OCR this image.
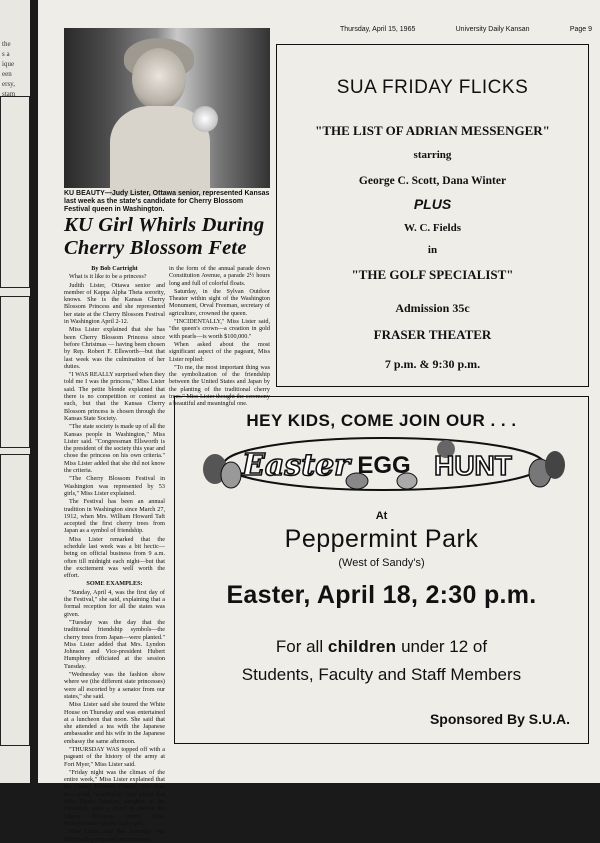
the
s a
ique
een
ersy,
stam
Thursday, April 15, 1965	University Daily Kansan	Page 9
KU BEAUTY—Judy Lister, Ottawa senior, represented Kansas last week as the state's candidate for Cherry Blossom Festival queen in Washington.
KU Girl Whirls During Cherry Blossom Fete

By Bob Cartright

What is it like to be a princess?

Judith Lister, Ottawa senior and member of Kappa Alpha Theta sorority, knows. She is the Kansas Cherry Blossom Princess and she represented her state at the Cherry Blossom Festival in Washington April 2-12.

Miss Lister explained that she has been Cherry Blossom Princess since before Christmas — having been chosen by Rep. Robert F. Ellsworth—but that last week was the culmination of her duties.

"I WAS REALLY surprised when they told me I was the princess," Miss Lister said. The petite blonde explained that there is no competition or contest as such, but that the Kansas Cherry Blossom princess is chosen through the Kansas State Society.

"The state society is made up of all the Kansas people in Washington," Miss Lister said. "Congressman Ellsworth is the president of the society this year and chose the princess on his own criteria." Miss Lister added that she did not know the criteria.

"The Cherry Blossom Festival in Washington was represented by 53 girls," Miss Lister explained.

The Festival has been an annual tradition in Washington since March 27, 1912, when Mrs. William Howard Taft accepted the first cherry trees from Japan as a symbol of friendship.

Miss Lister remarked that the schedule last week was a bit hectic—being on official business from 9 a.m. often till midnight each night—but that the excitement was well worth the effort.

SOME EXAMPLES:

"Sunday, April 4, was the first day of the Festival," she said, explaining that a formal reception for all the states was given.

"Tuesday was the day that the traditional friendship symbols—the cherry trees from Japan—were planted." Miss Lister added that Mrs. Lyndon Johnson and Vice-president Hubert Humphrey officiated at the session Tuesday.

"Wednesday was the fashion show where we (the different state princesses) were all escorted by a senator from our states," she said.

Miss Lister said she toured the White House on Thursday and was entertained at a luncheon that noon. She said that she attended a tea with the Japanese ambassador and his wife in the Japanese embassy the same afternoon.

"THURSDAY WAS topped off with a pageant of the history of the army at Fort Myer," Miss Lister said.

"Friday night was the climax of the entire week," Miss Lister explained that the Cherry Blossom Festival Ball was, in a word, "wonderful." She added that Miss Lynda Johnson, daughter of the President, spun a wheel to choose the Cherry Blossom Queen. Miss Pennsylvania was the lucky girl.

Miss Lister said that Saturday was filled with pomp and circumstance

in the form of the annual parade down Constitution Avenue, a parade 2½ hours long and full of colorful floats.

Saturday, in the Sylvan Outdoor Theater within sight of the Washington Monument, Orval Freeman, secretary of agriculture, crowned the queen.

"INCIDENTALLY," Miss Lister said, "the queen's crown—a creation in gold with pearls—is worth $100,000."

When asked about the most significant aspect of the pageant, Miss Lister replied:

"To me, the most important thing was the symbolization of the friendship between the United States and Japan by the planting of the traditional cherry trees." Miss Lister thought the ceremony a beautiful and meaningful one.

SUA FRIDAY FLICKS
"THE LIST OF ADRIAN MESSENGER"
starring
George C. Scott, Dana Winter
PLUS
W. C. Fields
in
"THE GOLF SPECIALIST"
Admission 35c
FRASER THEATER
7 p.m. & 9:30 p.m.
HEY KIDS, COME JOIN OUR . . .
Easter EGG HUNT
At
Peppermint Park
(West of Sandy's)
Easter, April 18, 2:30 p.m.
For all children under 12 of
Students, Faculty and Staff Members
Sponsored By S.U.A.
